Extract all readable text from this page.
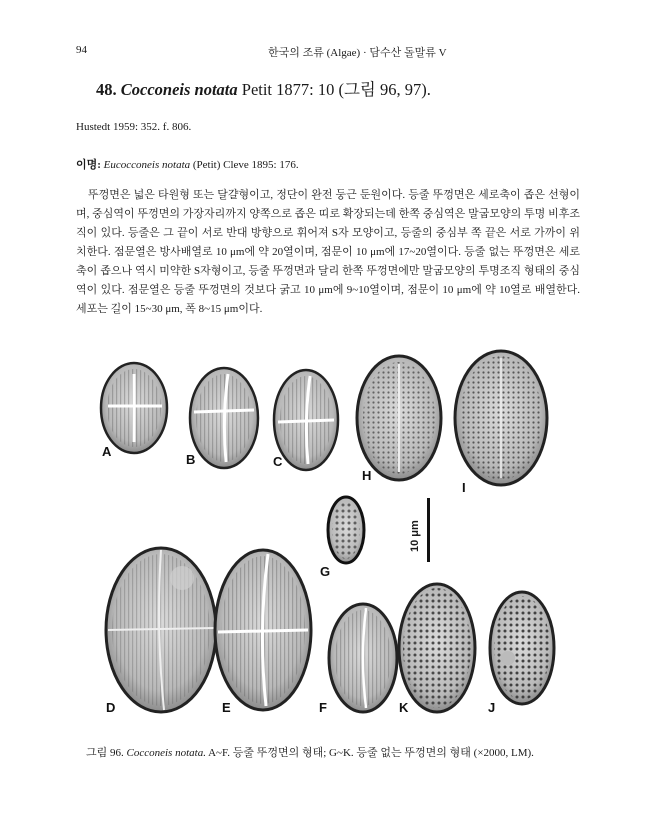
94	한국의 조류 (Algae) · 담수산 돌말류 V
48. Cocconeis notata Petit 1877: 10 (그림 96, 97).
Hustedt 1959: 352. f. 806.
이명: Eucocconeis notata (Petit) Cleve 1895: 176.
뚜껑면은 넓은 타원형 또는 달걀형이고, 정단이 완전 둥근 둔원이다. 등줄 뚜껑면은 세로축이 좁은 선형이며, 중심역이 뚜껑면의 가장자리까지 양쪽으로 좁은 띠로 확장되는데 한쪽 중심역은 말굽모양의 투명 비후조직이 있다. 등줄은 그 끝이 서로 반대 방향으로 휘어져 S자 모양이고, 등줄의 중심부 쪽 끝은 서로 가까이 위치한다. 점문열은 방사배열로 10 μm에 약 20열이며, 점문이 10 μm에 17~20열이다. 등줄 없는 뚜껑면은 세로축이 좁으나 역시 미약한 S자형이고, 등줄 뚜껑면과 달리 한쪽 뚜껑면에만 말굽모양의 투명조직 형태의 중심역이 있다. 점문열은 등줄 뚜껑면의 것보다 굵고 10 μm에 9~10열이며, 점문이 10 μm에 약 10열로 배열한다. 세포는 길이 15~30 μm, 폭 8~15 μm이다.
A
B	C
H
I
G
D	E	F	K	J
10 μm
그림 96. Cocconeis notata. A~F. 등줄 뚜껑면의 형태; G~K. 등줄 없는 뚜껑면의 형태 (×2000, LM).
